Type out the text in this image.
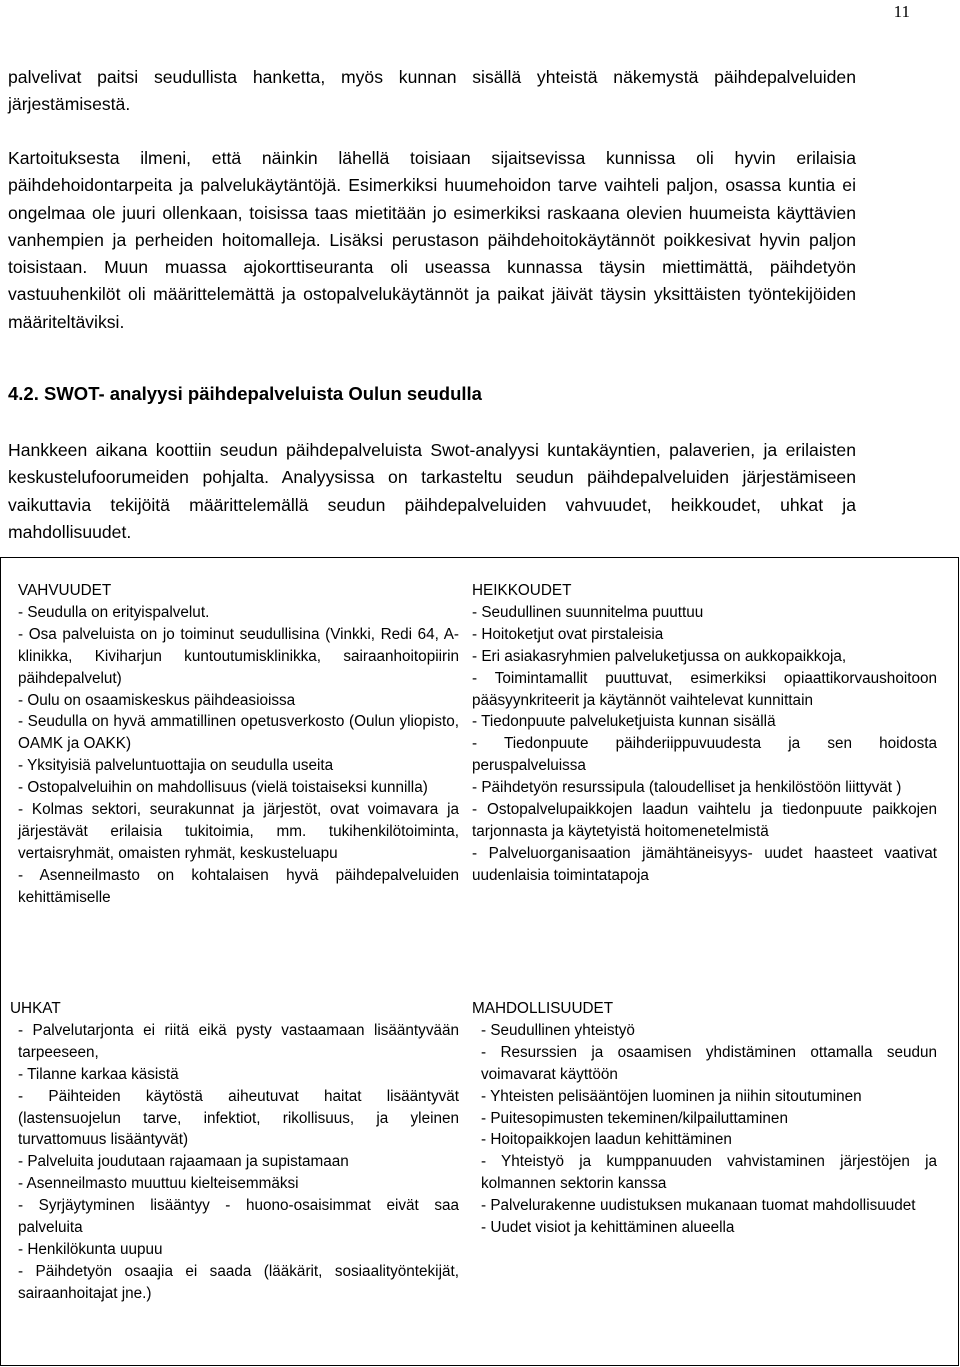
11

palvelivat paitsi seudullista hanketta, myös kunnan sisällä yhteistä näkemystä päihdepalveluiden järjestämisestä.

Kartoituksesta ilmeni, että näinkin lähellä toisiaan sijaitsevissa kunnissa oli hyvin erilaisia päihdehoidontarpeita ja palvelukäytäntöjä. Esimerkiksi huumehoidon tarve vaihteli paljon, osassa kuntia ei ongelmaa ole juuri ollenkaan, toisissa taas mietitään jo esimerkiksi raskaana olevien huumeista käyttävien vanhempien ja perheiden hoitomalleja. Lisäksi perustason päihdehoitokäytännöt poikkesivat hyvin paljon toisistaan. Muun muassa ajokorttiseuranta oli useassa kunnassa täysin miettimättä, päihdetyön vastuuhenkilöt oli määrittelemättä ja ostopalvelukäytännöt ja paikat jäivät täysin yksittäisten työntekijöiden määriteltäviksi.

4.2. SWOT- analyysi päihdepalveluista Oulun seudulla

Hankkeen aikana koottiin seudun päihdepalveluista Swot-analyysi kuntakäyntien, palaverien, ja erilaisten keskustelufoorumeiden pohjalta. Analyysissa on tarkasteltu seudun päihdepalveluiden järjestämiseen vaikuttavia tekijöitä määrittelemällä seudun päihdepalveluiden vahvuudet, heikkoudet, uhkat ja mahdollisuudet.

VAHVUUDET
- Seudulla on erityispalvelut.
- Osa palveluista on jo toiminut seudullisina (Vinkki, Redi 64, A-klinikka, Kiviharjun kuntoutumisklinikka, sairaanhoitopiirin päihdepalvelut)
- Oulu on osaamiskeskus päihdeasioissa
- Seudulla on hyvä ammatillinen opetusverkosto (Oulun yliopisto, OAMK ja OAKK)
- Yksityisiä palveluntuottajia on seudulla useita
- Ostopalveluihin on mahdollisuus (vielä toistaiseksi kunnilla)
- Kolmas sektori, seurakunnat ja järjestöt, ovat voimavara ja järjestävät erilaisia tukitoimia, mm. tukihenkilötoiminta, vertaisryhmät, omaisten ryhmät, keskusteluapu
- Asenneilmasto on kohtalaisen hyvä päihdepalveluiden kehittämiselle
HEIKKOUDET
- Seudullinen suunnitelma puuttuu
- Hoitoketjut ovat pirstaleisia
- Eri asiakasryhmien palveluketjussa on aukkopaikkoja,
- Toimintamallit puuttuvat, esimerkiksi opiaattikorvaushoitoon pääsyynkriteerit ja käytännöt vaihtelevat kunnittain
- Tiedonpuute palveluketjuista kunnan sisällä
- Tiedonpuute päihderiippuvuudesta ja sen hoidosta peruspalveluissa
- Päihdetyön resurssipula (taloudelliset ja henkilöstöön liittyvät )
- Ostopalvelupaikkojen laadun vaihtelu ja tiedonpuute paikkojen tarjonnasta ja käytetyistä hoitomenetelmistä
- Palveluorganisaation jämähtäneisyys- uudet haasteet vaativat uudenlaisia toimintatapoja
UHKAT
- Palvelutarjonta ei riitä eikä pysty vastaamaan lisääntyvään tarpeeseen,
- Tilanne karkaa käsistä
- Päihteiden käytöstä aiheutuvat haitat lisääntyvät (lastensuojelun tarve, infektiot, rikollisuus, ja yleinen turvattomuus lisääntyvät)
- Palveluita joudutaan rajaamaan ja supistamaan
- Asenneilmasto muuttuu kielteisemmäksi
- Syrjäytyminen lisääntyy - huono-osaisimmat eivät saa palveluita
- Henkilökunta uupuu
- Päihdetyön osaajia ei saada (lääkärit, sosiaalityöntekijät, sairaanhoitajat jne.)
MAHDOLLISUUDET
- Seudullinen yhteistyö
- Resurssien ja osaamisen yhdistäminen ottamalla seudun voimavarat käyttöön
- Yhteisten pelisääntöjen luominen ja niihin sitoutuminen
- Puitesopimusten tekeminen/kilpailuttaminen
- Hoitopaikkojen laadun kehittäminen
- Yhteistyö ja kumppanuuden vahvistaminen järjestöjen ja kolmannen sektorin kanssa
- Palvelurakenne uudistuksen mukanaan tuomat mahdollisuudet
- Uudet visiot ja kehittäminen alueella
